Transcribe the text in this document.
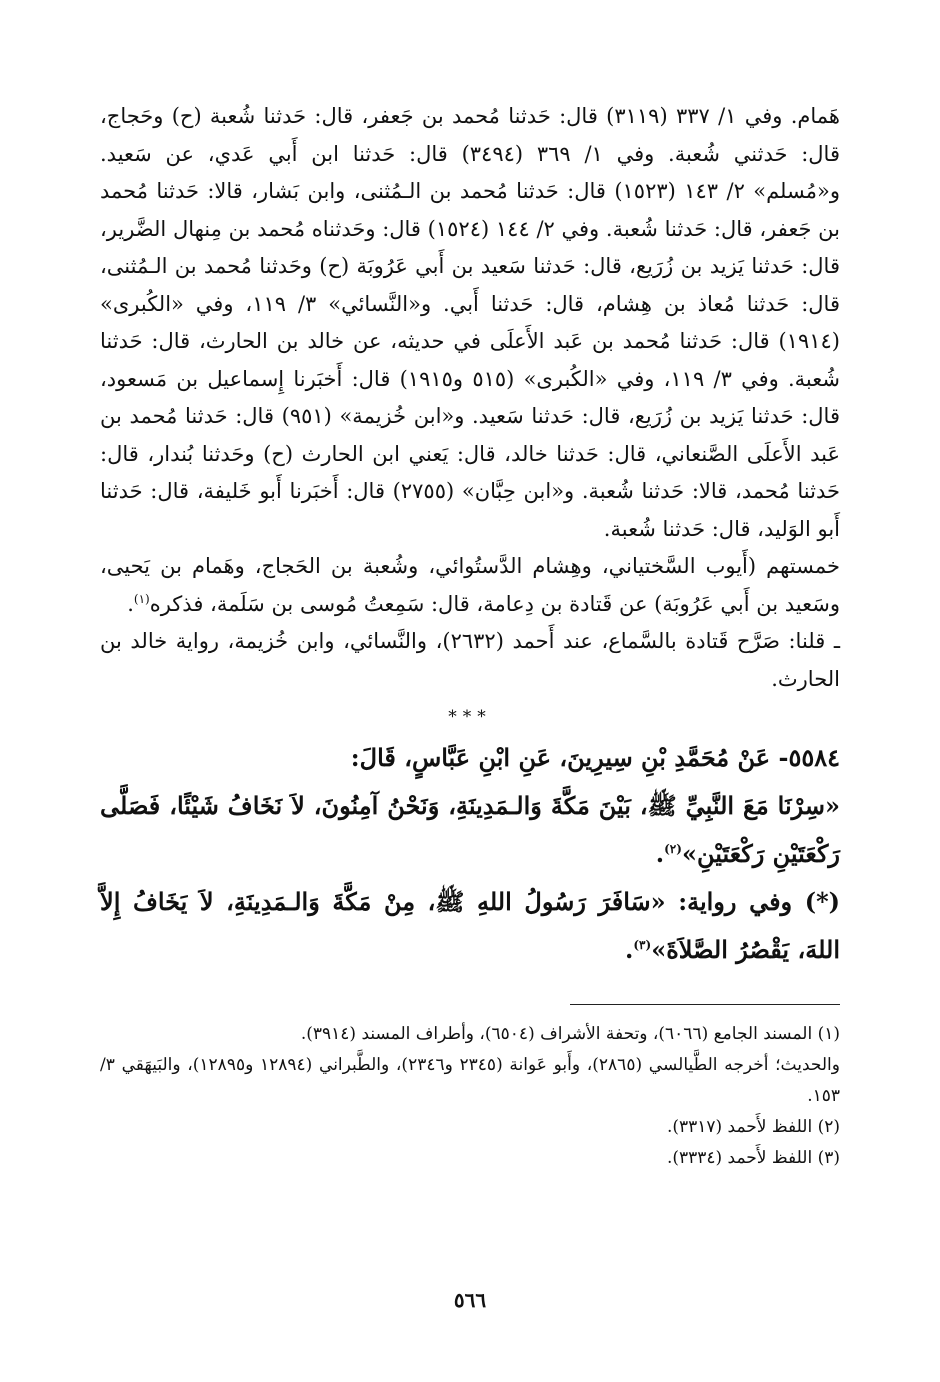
هَمام. وفي ١/ ٣٣٧ (٣١١٩) قال: حَدثنا مُحمد بن جَعفر، قال: حَدثنا شُعبة (ح) وحَجاج، قال: حَدثني شُعبة. وفي ١/ ٣٦٩ (٣٤٩٤) قال: حَدثنا ابن أَبي عَدي، عن سَعيد. و«مُسلم» ٢/ ١٤٣ (١٥٢٣) قال: حَدثنا مُحمد بن الـمُثنى، وابن بَشار، قالا: حَدثنا مُحمد بن جَعفر، قال: حَدثنا شُعبة. وفي ٢/ ١٤٤ (١٥٢٤) قال: وحَدثناه مُحمد بن مِنهال الضَّرير، قال: حَدثنا يَزيد بن زُرَيع، قال: حَدثنا سَعيد بن أَبي عَرُوبَة (ح) وحَدثنا مُحمد بن الـمُثنى، قال: حَدثنا مُعاذ بن هِشام، قال: حَدثنا أَبي. و«النَّسائي» ٣/ ١١٩، وفي «الكُبرى» (١٩١٤) قال: حَدثنا مُحمد بن عَبد الأَعلَى في حديثه، عن خالد بن الحارث، قال: حَدثنا شُعبة. وفي ٣/ ١١٩، وفي «الكُبرى» (٥١٥ و١٩١٥) قال: أَخبَرنا إِسماعيل بن مَسعود، قال: حَدثنا يَزيد بن زُرَيع، قال: حَدثنا سَعيد. و«ابن خُزيمة» (٩٥١) قال: حَدثنا مُحمد بن عَبد الأَعلَى الصَّنعاني، قال: حَدثنا خالد، قال: يَعني ابن الحارث (ح) وحَدثنا بُندار، قال: حَدثنا مُحمد، قالا: حَدثنا شُعبة. و«ابن حِبَّان» (٢٧٥٥) قال: أَخبَرنا أَبو خَليفة، قال: حَدثنا أَبو الوَليد، قال: حَدثنا شُعبة.

خمستهم (أَيوب السَّختياني، وهِشام الدَّستُوائي، وشُعبة بن الحَجاج، وهَمام بن يَحيى، وسَعيد بن أَبي عَرُوبَة) عن قَتادة بن دِعامة، قال: سَمِعتُ مُوسى بن سَلَمة، فذكره$^{(١)}$.

ـ قلنا: صَرَّح قَتادة بالسَّماع، عند أَحمد (٢٦٣٢)، والنَّسائي، وابن خُزيمة، رواية خالد بن الحارث.

***

٥٥٨٤- عَنْ مُحَمَّدِ بْنِ سِيرِينَ، عَنِ ابْنِ عَبَّاسٍ، قَالَ:

«سِرْنَا مَعَ النَّبِيِّ ﷺ، بَيْنَ مَكَّةَ وَالـمَدِينَةِ، وَنَحْنُ آمِنُونَ، لاَ نَخَافُ شَيْئًا، فَصَلَّى رَكْعَتَيْنِ رَكْعَتَيْنِ»$^{(٢)}$.

(*) وفي رواية: «سَافَرَ رَسُولُ اللهِ ﷺ، مِنْ مَكَّةَ وَالـمَدِينَةِ، لاَ يَخَافُ إِلاَّ اللهَ، يَقْصُرُ الصَّلاَةَ»$^{(٣)}$.

(١) المسند الجامع (٦٠٦٦)، وتحفة الأشراف (٦٥٠٤)، وأطراف المسند (٣٩١٤).

والحديث؛ أخرجه الطَّيالسي (٢٨٦٥)، وأَبو عَوانة (٢٣٤٥ و٢٣٤٦)، والطَّبراني (١٢٨٩٤ و١٢٨٩٥)، والبَيهَقي ٣/ ١٥٣.

(٢) اللفظ لأَحمد (٣٣١٧).

(٣) اللفظ لأَحمد (٣٣٣٤).

٥٦٦
